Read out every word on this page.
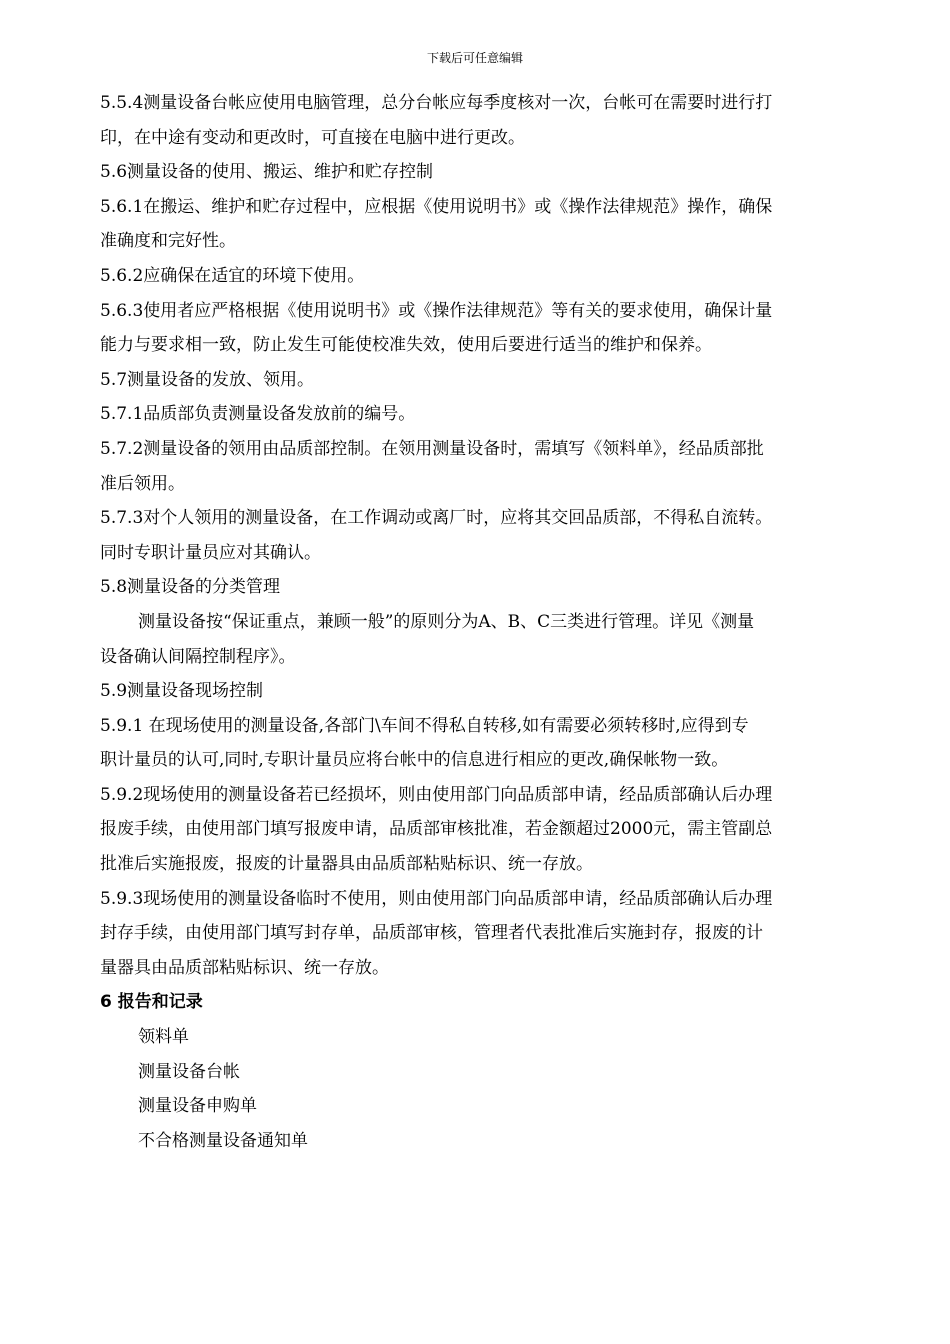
下载后可任意编辑
5.5.4测量设备台帐应使用电脑管理，总分台帐应每季度核对一次，台帐可在需要时进行打
印，在中途有变动和更改时，可直接在电脑中进行更改。
5.6测量设备的使用、搬运、维护和贮存控制
5.6.1在搬运、维护和贮存过程中，应根据《使用说明书》或《操作法律规范》操作，确保
准确度和完好性。
5.6.2应确保在适宜的环境下使用。
5.6.3使用者应严格根据《使用说明书》或《操作法律规范》等有关的要求使用，确保计量
能力与要求相一致，防止发生可能使校准失效，使用后要进行适当的维护和保养。
5.7测量设备的发放、领用。
5.7.1品质部负责测量设备发放前的编号。
5.7.2测量设备的领用由品质部控制。在领用测量设备时，需填写《领料单》，经品质部批
准后领用。
5.7.3对个人领用的测量设备，在工作调动或离厂时，应将其交回品质部，不得私自流转。
同时专职计量员应对其确认。
5.8测量设备的分类管理
测量设备按“保证重点，兼顾一般”的原则分为A、B、C三类进行管理。详见《测量
设备确认间隔控制程序》。
5.9测量设备现场控制
5.9.1 在现场使用的测量设备,各部门\车间不得私自转移,如有需要必须转移时,应得到专
职计量员的认可,同时,专职计量员应将台帐中的信息进行相应的更改,确保帐物一致。
5.9.2现场使用的测量设备若已经损坏，则由使用部门向品质部申请，经品质部确认后办理
报废手续，由使用部门填写报废申请，品质部审核批准，若金额超过2000元，需主管副总
批准后实施报废，报废的计量器具由品质部粘贴标识、统一存放。
5.9.3现场使用的测量设备临时不使用，则由使用部门向品质部申请，经品质部确认后办理
封存手续，由使用部门填写封存单，品质部审核，管理者代表批准后实施封存，报废的计
量器具由品质部粘贴标识、统一存放。
6 报告和记录
领料单
测量设备台帐
测量设备申购单
不合格测量设备通知单
